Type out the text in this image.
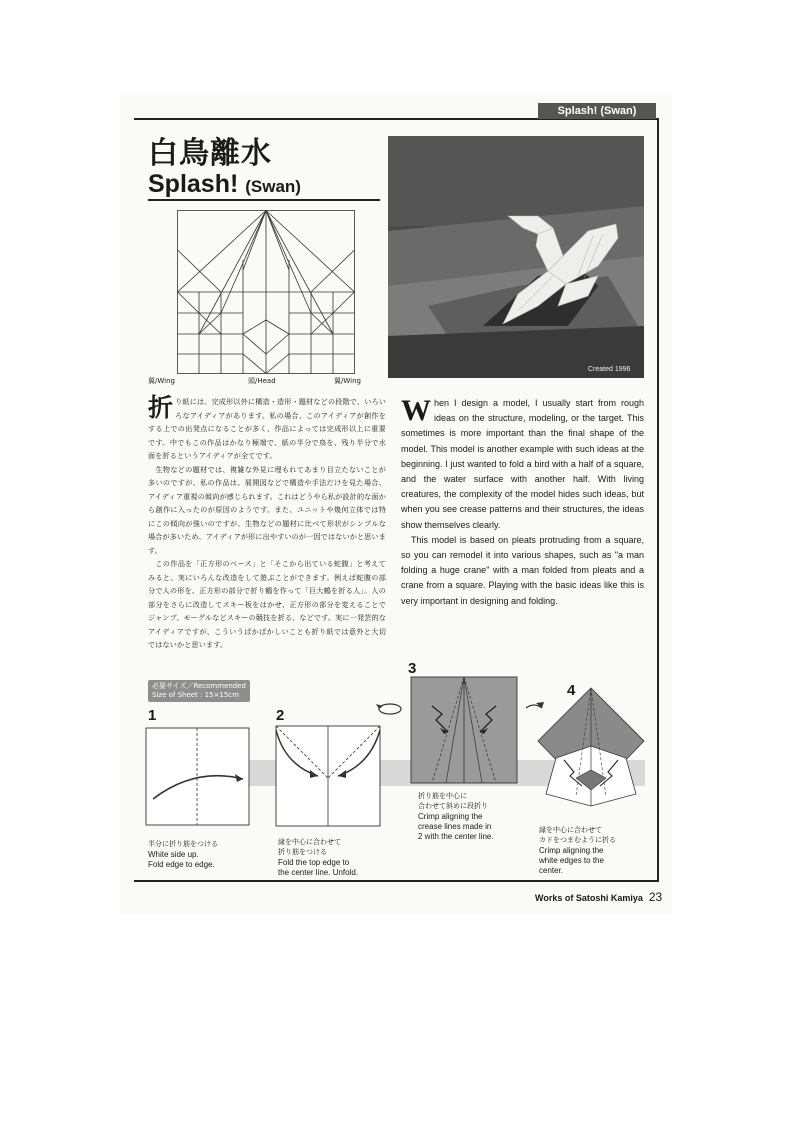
Splash! (Swan)
白鳥離水
Splash! (Swan)
翼/Wing	頭/Head	翼/Wing
Created 1996
折り紙には、完成形以外に構造・造形・題材などの段階で、いろいろなアイディアがあります。私の場合、このアイディアが創作をする上での出発点になることが多く、作品によっては完成形以上に重要です。中でもこの作品はかなり極端で、紙の半分で鳥を、残り半分で水面を折るというアイディアが全てです。
　生物などの題材では、複雑な外見に埋もれてあまり目立たないことが多いのですが、私の作品は、展開図などで構造や手法だけを見た場合、アイディア重視の傾向が感じられます。これはどうやら私が設計的な面から創作に入ったのが原因のようです。また、ユニットや幾何立体では特にこの傾向が強いのですが、生物などの題材に比べて形状がシンプルな場合が多いため、アイディアが形に出やすいのが一因ではないかと思います。
　この作品を「正方形のベース」と「そこから出ている蛇腹」と考えてみると、実にいろんな改造をして遊ぶことができます。例えば蛇腹の部分で人の形を、正方形の部分で折り鶴を作って「巨大鶴を折る人」。人の部分をさらに改造してスキー板をはかせ、正方形の部分を変えることでジャンプ、モーグルなどスキーの競技を折る、などです。実に一発芸的なアイディアですが、こういうばかばかしいことも折り紙では意外と大切ではないかと思います。

When I design a model, I usually start from rough ideas on the structure, modeling, or the target. This sometimes is more important than the final shape of the model. This model is another example with such ideas at the beginning. I just wanted to fold a bird with a half of a square, and the water surface with another half. With living creatures, the complexity of the model hides such ideas, but when you see crease patterns and their structures, the ideas show themselves clearly.

This model is based on pleats protruding from a square, so you can remodel it into various shapes, such as "a man folding a huge crane" with a man folded from pleats and a crane from a square. Playing with the basic ideas like this is very important in designing and folding.

必要サイズ／Recommended
Size of Sheet : 15×15cm
1
半分に折り筋をつける
White side up.
Fold edge to edge.
2
縁を中心に合わせて
折り筋をつける
Fold the top edge to
the center line. Unfold.
3
折り筋を中心に
合わせて斜めに段折り
Crimp aligning the
crease lines made in
2 with the center line.
4
縁を中心に合わせて
カドをつまむように折る
Crimp aligning the
white edges to the
center.
Works of Satoshi Kamiya 23
